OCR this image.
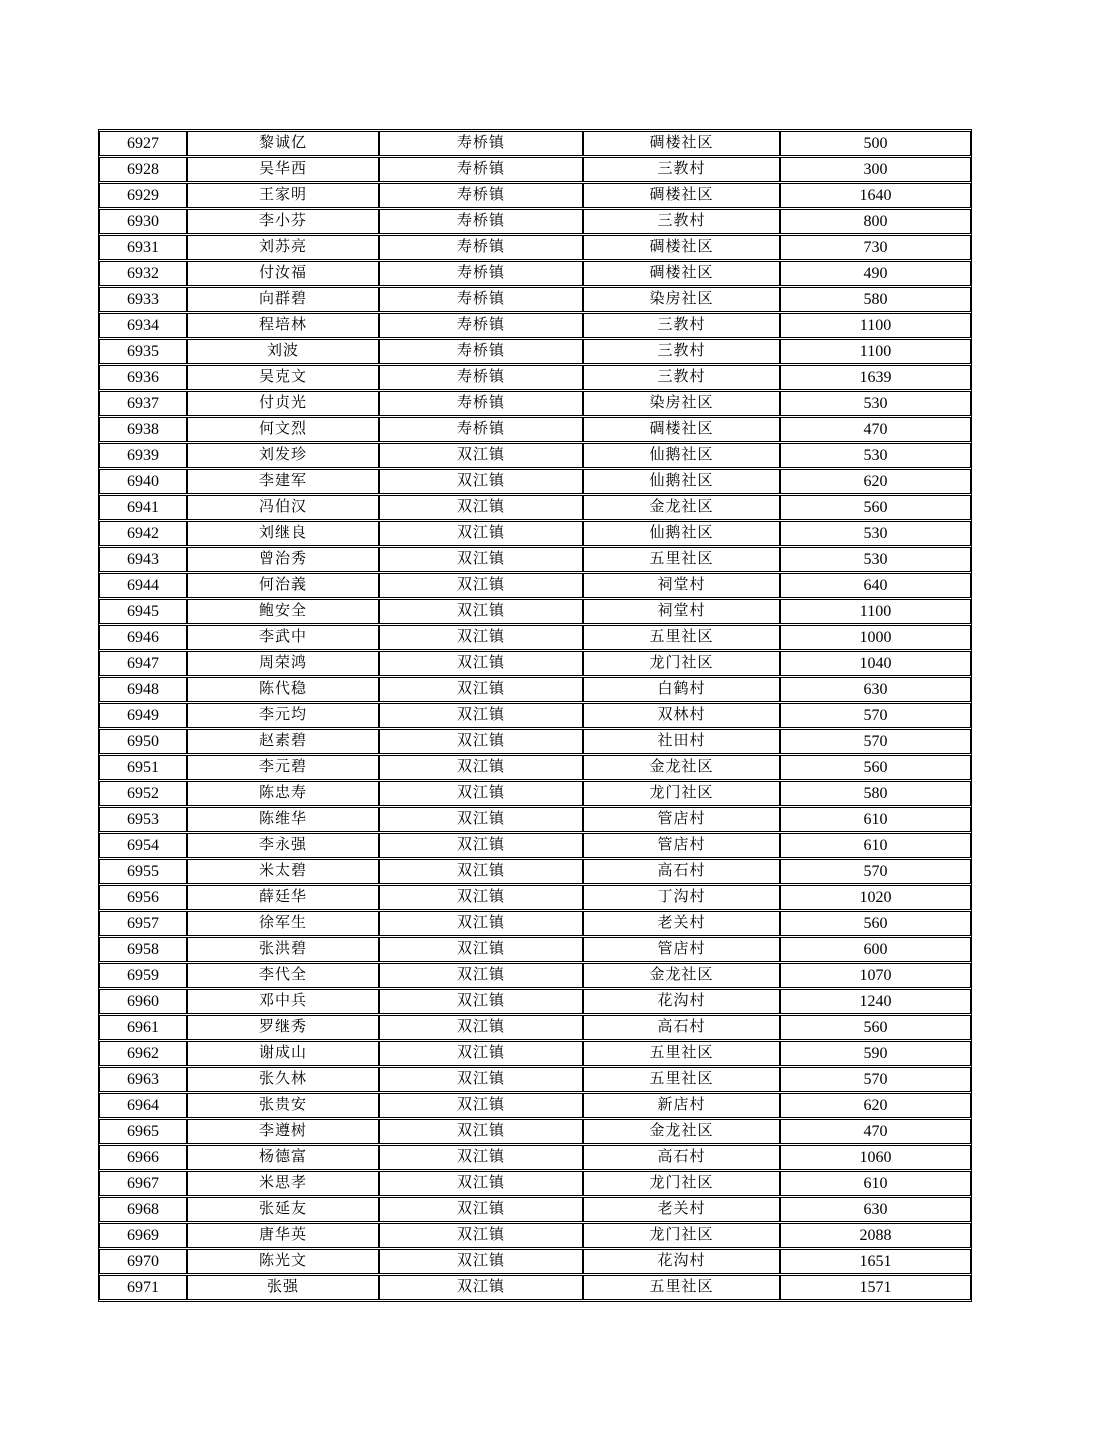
6927	黎诚亿	寿桥镇	碉楼社区	500
6928	吴华西	寿桥镇	三教村	300
6929	王家明	寿桥镇	碉楼社区	1640
6930	李小芬	寿桥镇	三教村	800
6931	刘苏亮	寿桥镇	碉楼社区	730
6932	付汝福	寿桥镇	碉楼社区	490
6933	向群碧	寿桥镇	染房社区	580
6934	程培林	寿桥镇	三教村	1100
6935	刘波	寿桥镇	三教村	1100
6936	吴克文	寿桥镇	三教村	1639
6937	付贞光	寿桥镇	染房社区	530
6938	何文烈	寿桥镇	碉楼社区	470
6939	刘发珍	双江镇	仙鹅社区	530
6940	李建军	双江镇	仙鹅社区	620
6941	冯伯汉	双江镇	金龙社区	560
6942	刘继良	双江镇	仙鹅社区	530
6943	曾治秀	双江镇	五里社区	530
6944	何治義	双江镇	祠堂村	640
6945	鲍安全	双江镇	祠堂村	1100
6946	李武中	双江镇	五里社区	1000
6947	周荣鸿	双江镇	龙门社区	1040
6948	陈代稳	双江镇	白鹤村	630
6949	李元均	双江镇	双林村	570
6950	赵素碧	双江镇	社田村	570
6951	李元碧	双江镇	金龙社区	560
6952	陈忠寿	双江镇	龙门社区	580
6953	陈维华	双江镇	管店村	610
6954	李永强	双江镇	管店村	610
6955	米太碧	双江镇	高石村	570
6956	薛廷华	双江镇	丁沟村	1020
6957	徐军生	双江镇	老关村	560
6958	张洪碧	双江镇	管店村	600
6959	李代全	双江镇	金龙社区	1070
6960	邓中兵	双江镇	花沟村	1240
6961	罗继秀	双江镇	高石村	560
6962	谢成山	双江镇	五里社区	590
6963	张久林	双江镇	五里社区	570
6964	张贵安	双江镇	新店村	620
6965	李遵树	双江镇	金龙社区	470
6966	杨德富	双江镇	高石村	1060
6967	米思孝	双江镇	龙门社区	610
6968	张延友	双江镇	老关村	630
6969	唐华英	双江镇	龙门社区	2088
6970	陈光文	双江镇	花沟村	1651
6971	张强	双江镇	五里社区	1571
